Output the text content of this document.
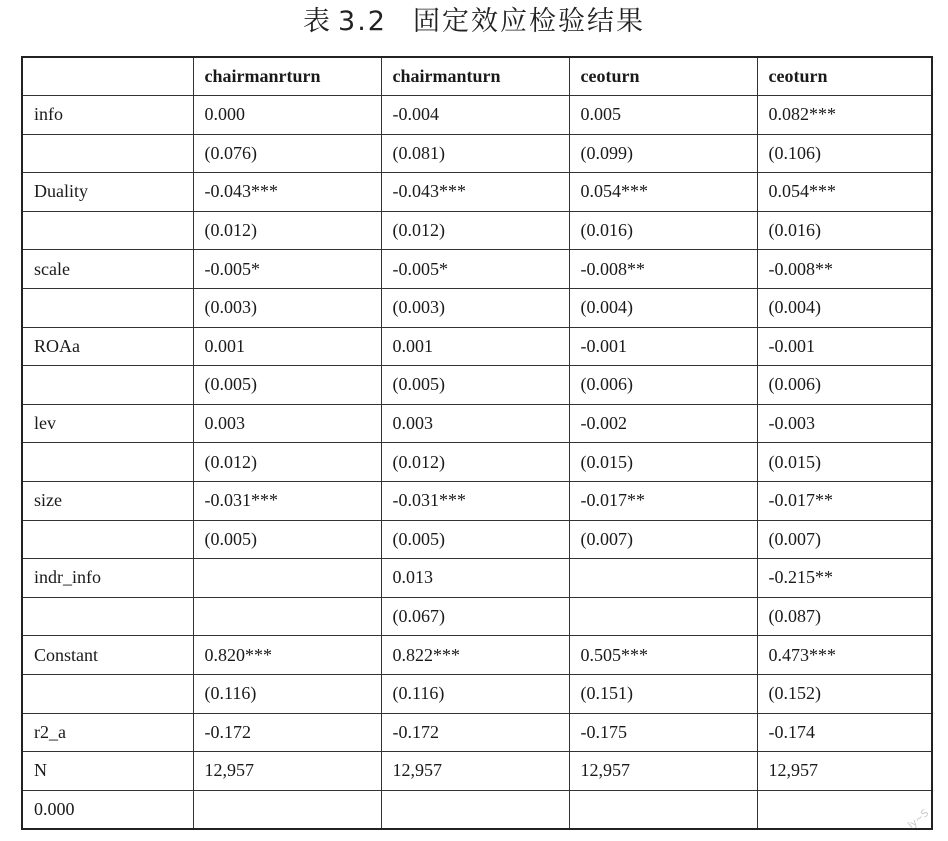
表 3.2 固定效应检验结果
	chairmanrturn	chairmanturn	ceoturn	ceoturn
info	0.000	-0.004	0.005	0.082***
	(0.076)	(0.081)	(0.099)	(0.106)
Duality	-0.043***	-0.043***	0.054***	0.054***
	(0.012)	(0.012)	(0.016)	(0.016)
scale	-0.005*	-0.005*	-0.008**	-0.008**
	(0.003)	(0.003)	(0.004)	(0.004)
ROAa	0.001	0.001	-0.001	-0.001
	(0.005)	(0.005)	(0.006)	(0.006)
lev	0.003	0.003	-0.002	-0.003
	(0.012)	(0.012)	(0.015)	(0.015)
size	-0.031***	-0.031***	-0.017**	-0.017**
	(0.005)	(0.005)	(0.007)	(0.007)
indr_info		0.013		-0.215**
		(0.067)		(0.087)
Constant	0.820***	0.822***	0.505***	0.473***
	(0.116)	(0.116)	(0.151)	(0.152)
r2_a	-0.172	-0.172	-0.175	-0.174
N	12,957	12,957	12,957	12,957
0.000					ly~S
